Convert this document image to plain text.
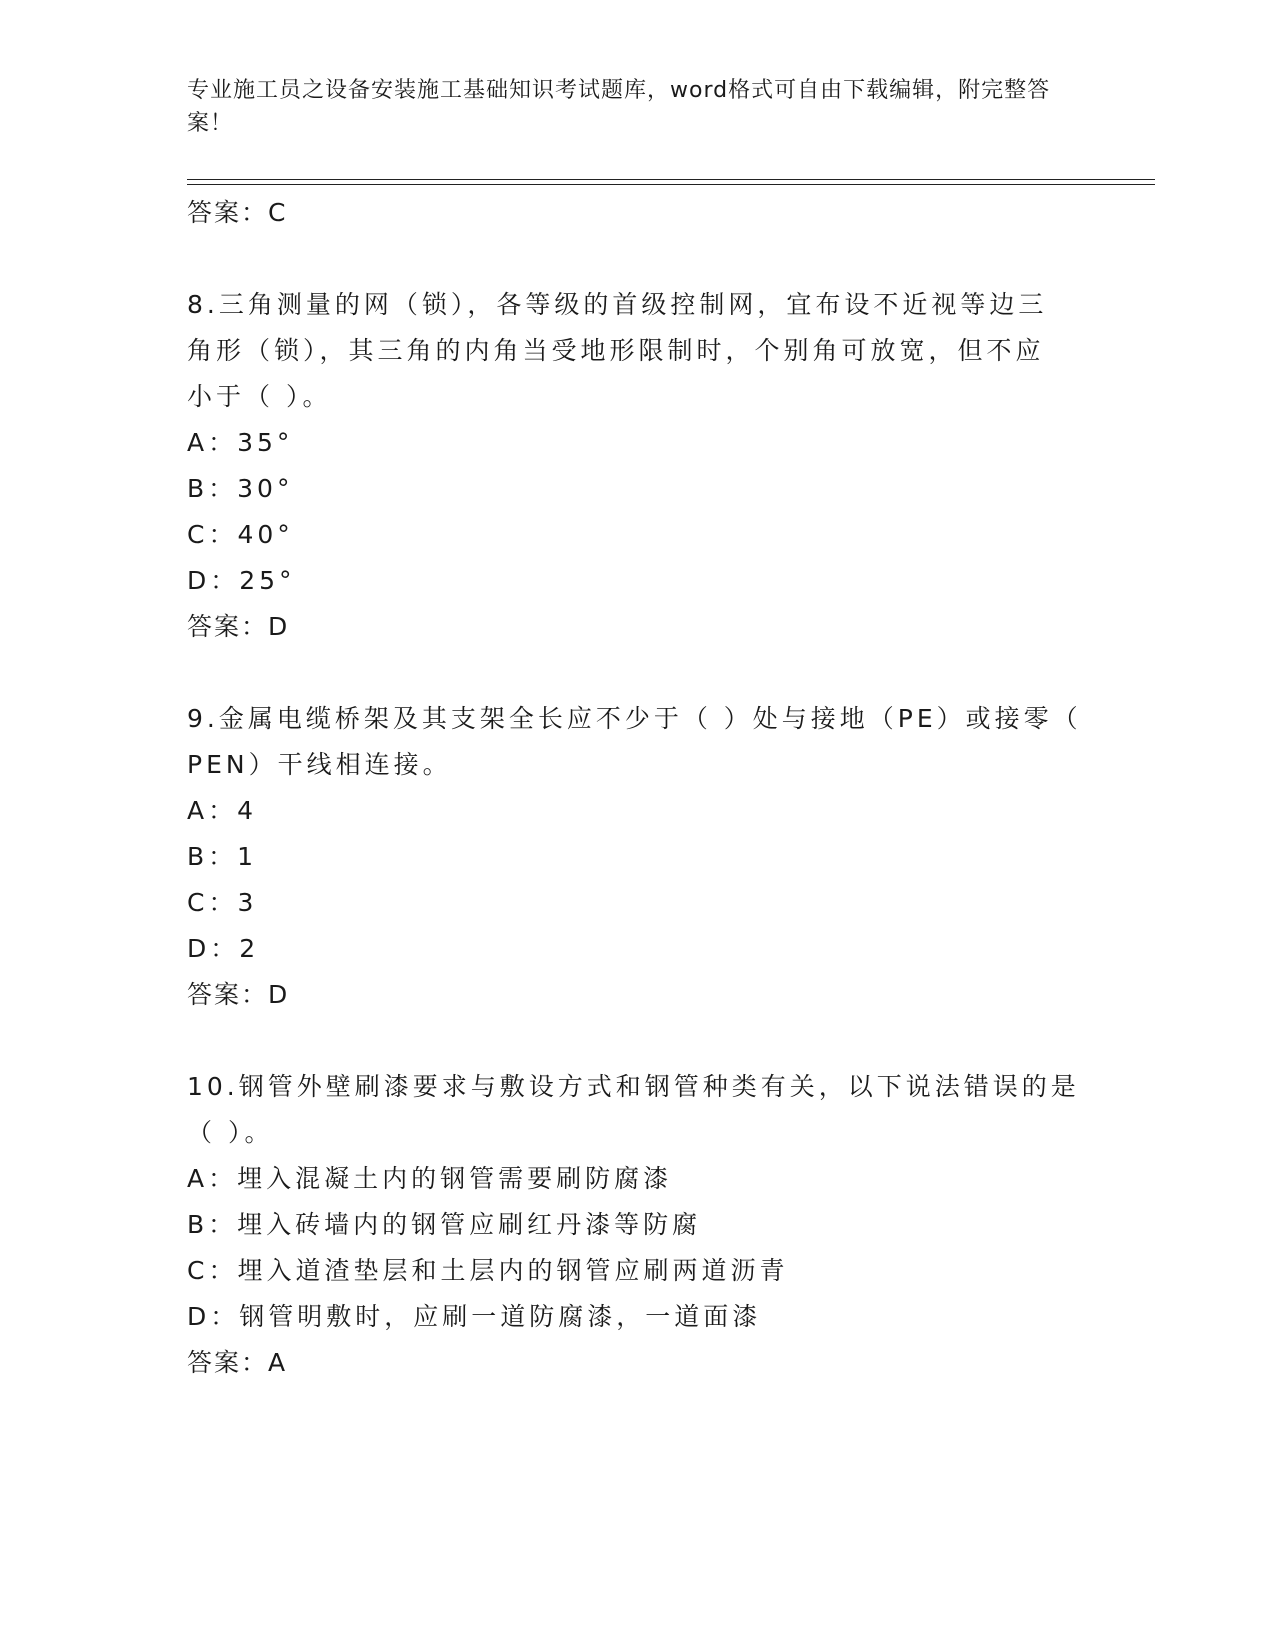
专业施工员之设备安装施工基础知识考试题库，word格式可自由下载编辑，附完整答案！
答案：C
8.三角测量的网（锁），各等级的首级控制网，宜布设不近视等边三
角形（锁），其三角的内角当受地形限制时，个别角可放宽，但不应
小于（ ）。
A：35°
B：30°
C：40°
D：25°
答案：D
9.金属电缆桥架及其支架全长应不少于（ ）处与接地（PE）或接零（
PEN）干线相连接。
A：4
B：1
C：3
D：2
答案：D
10.钢管外壁刷漆要求与敷设方式和钢管种类有关，以下说法错误的是
（ ）。
A：埋入混凝土内的钢管需要刷防腐漆
B：埋入砖墙内的钢管应刷红丹漆等防腐
C：埋入道渣垫层和土层内的钢管应刷两道沥青
D：钢管明敷时，应刷一道防腐漆，一道面漆
答案：A
